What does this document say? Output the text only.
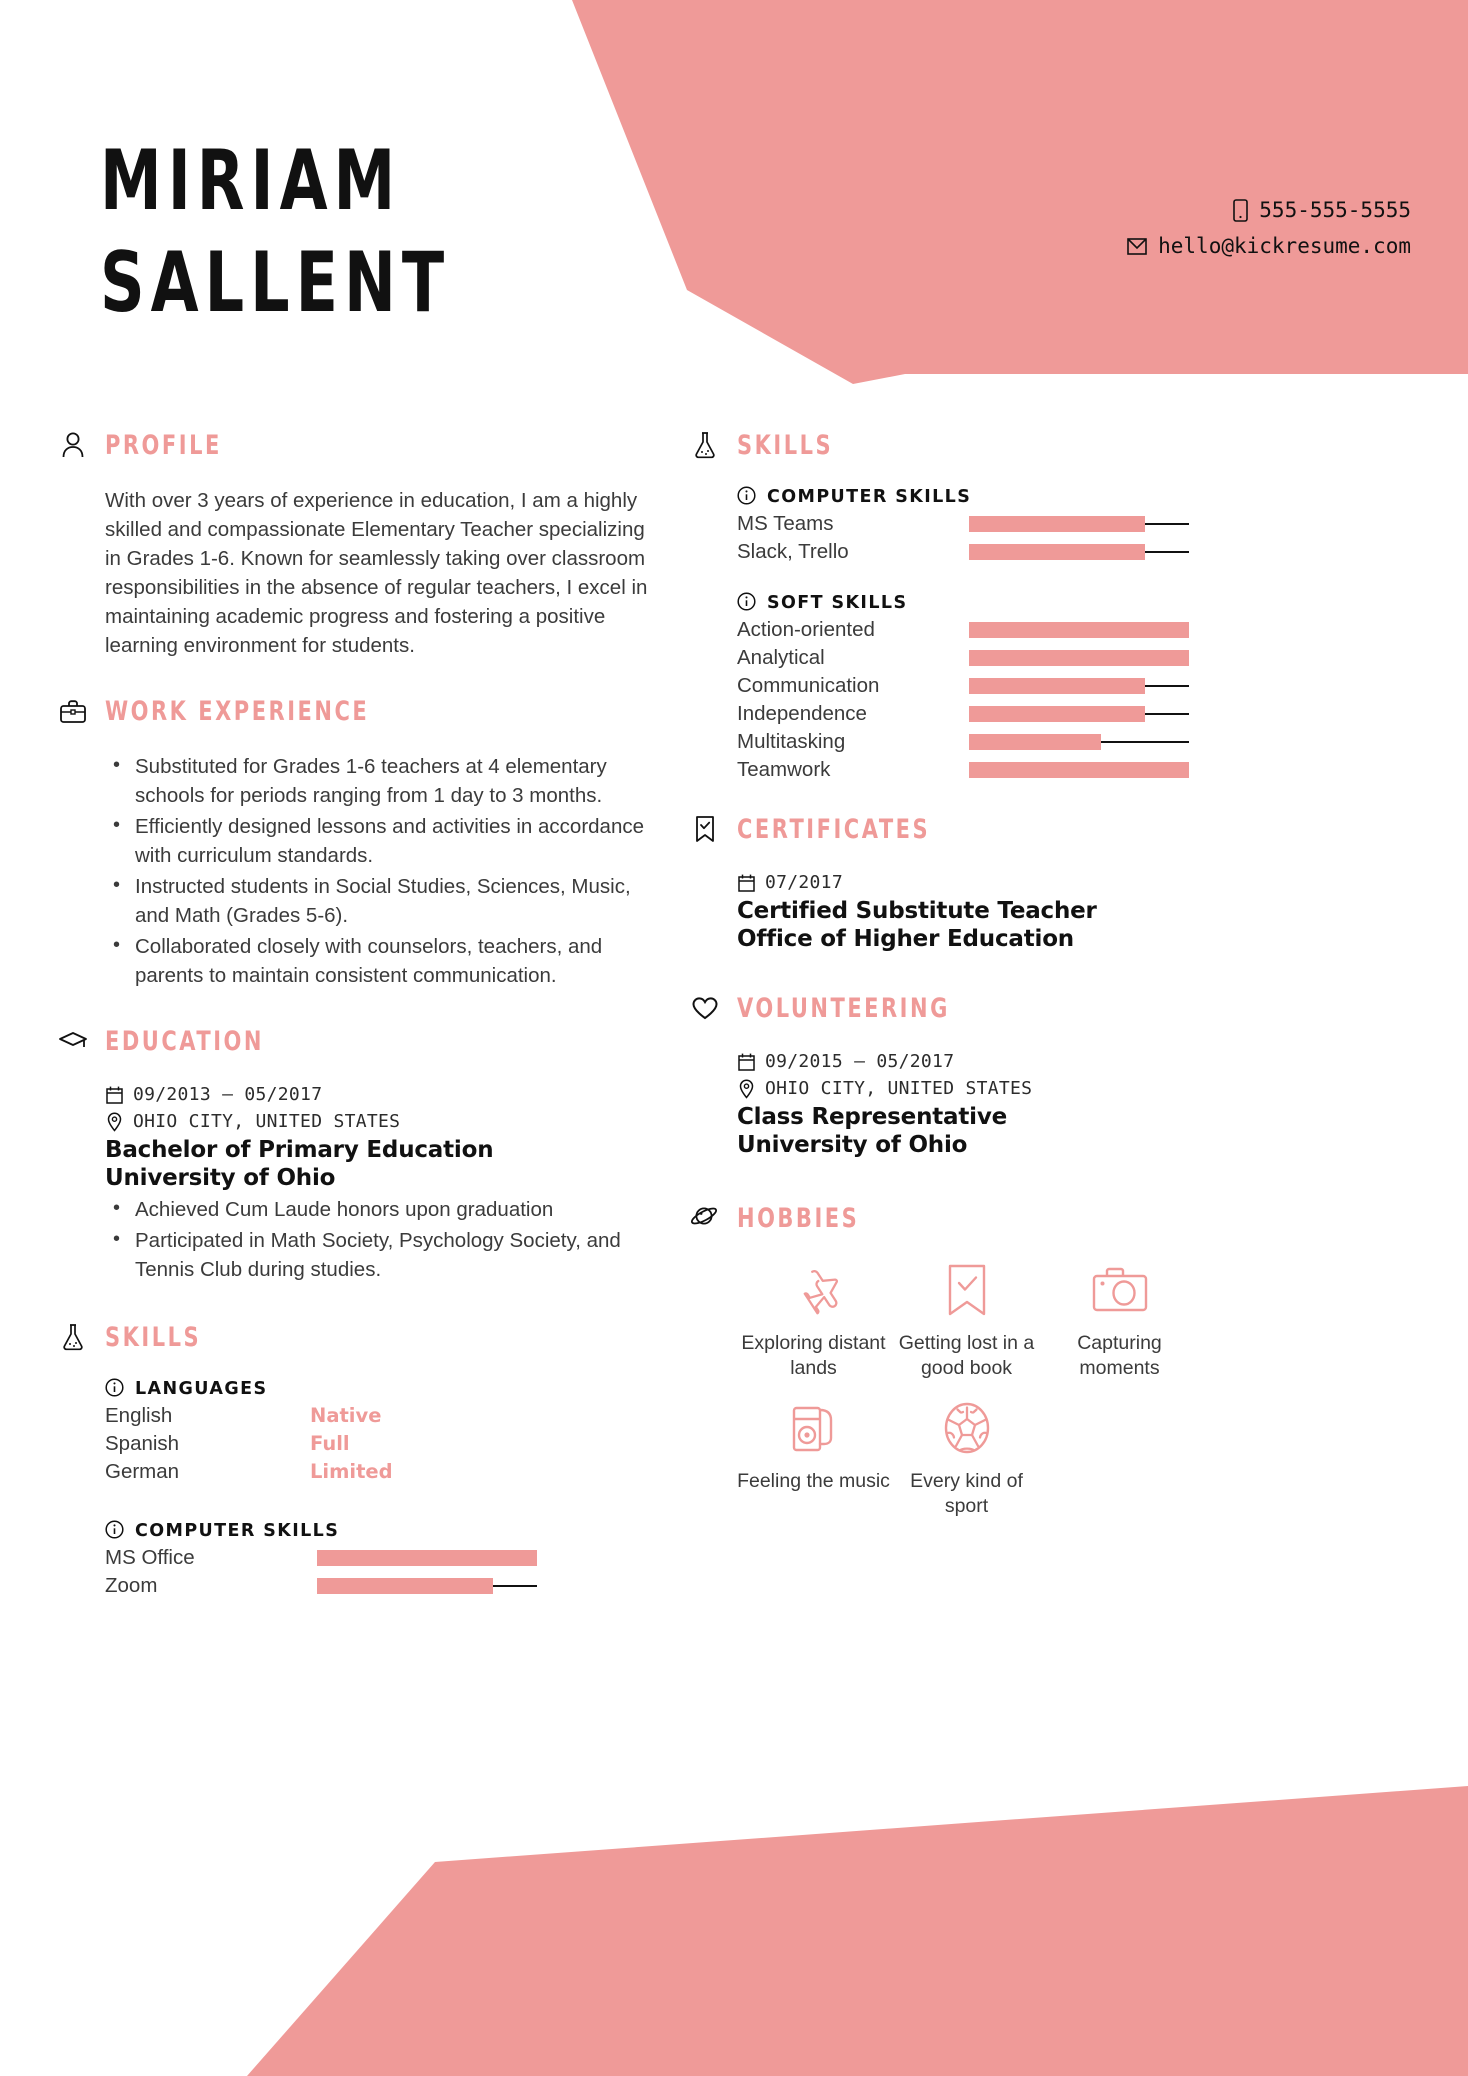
MIRIAM
SALLENT
555-555-5555
hello@kickresume.com
PROFILE
With over 3 years of experience in education, I am a highly skilled and compassionate Elementary Teacher specializing in Grades 1-6. Known for seamlessly taking over classroom responsibilities in the absence of regular teachers, I excel in maintaining academic progress and fostering a positive learning environment for students.
WORK EXPERIENCE
• Substituted for Grades 1-6 teachers at 4 elementary schools for periods ranging from 1 day to 3 months.
• Efficiently designed lessons and activities in accordance with curriculum standards.
• Instructed students in Social Studies, Sciences, Music, and Math (Grades 5-6).
• Collaborated closely with counselors, teachers, and parents to maintain consistent communication.
EDUCATION
09/2013 – 05/2017
OHIO CITY, UNITED STATES
Bachelor of Primary Education
University of Ohio
• Achieved Cum Laude honors upon graduation
• Participated in Math Society, Psychology Society, and Tennis Club during studies.
SKILLS
LANGUAGES
English	Native
Spanish	Full
German	Limited
COMPUTER SKILLS
MS Office
Zoom
SKILLS
COMPUTER SKILLS
MS Teams
Slack, Trello
SOFT SKILLS
Action-oriented
Analytical
Communication
Independence
Multitasking
Teamwork
CERTIFICATES
07/2017
Certified Substitute Teacher
Office of Higher Education
VOLUNTEERING
09/2015 – 05/2017
OHIO CITY, UNITED STATES
Class Representative
University of Ohio
HOBBIES
Exploring distant lands
Getting lost in a good book
Capturing moments
Feeling the music	Every kind of sport
